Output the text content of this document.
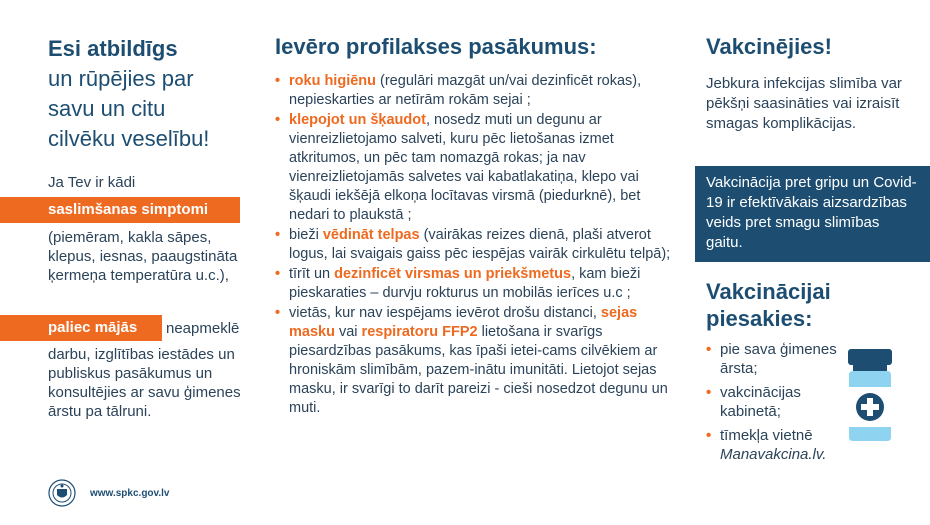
Esi atbildīgs
un rūpējies par
savu un citu
cilvēku veselību!
Ja Tev ir kādi
saslimšanas simptomi
(piemēram, kakla sāpes, klepus, iesnas, paaugstināta ķermeņa temperatūra u.c.),
paliec mājās	neapmeklē
darbu, izglītības iestādes un publiskus pasākumus un konsultējies ar savu ģimenes ārstu pa tālruni.
Ievēro profilakses pasākumus:
• roku higiēnu (regulāri mazgāt un/vai dezinficēt rokas), nepieskarties ar netīrām rokām sejai ;
• klepojot un šķaudot, nosedz muti un degunu ar vienreizlietojamo salveti, kuru pēc lietošanas izmet atkritumos, un pēc tam nomazgā rokas; ja nav vienreizlietojamās salvetes vai kabatlakatiņa, klepo vai šķaudi iekšējā elkoņa locītavas virsmā (piedurknē), bet nedari to plaukstā ;
• bieži vēdināt telpas (vairākas reizes dienā, plaši atverot logus, lai svaigais gaiss pēc iespējas vairāk cirkulētu telpā);
• tīrīt un dezinficēt virsmas un priekšmetus, kam bieži pieskaraties – durvju rokturus un mobilās ierīces u.c ;
• vietās, kur nav iespējams ievērot drošu distanci, sejas masku vai respiratoru FFP2 lietošana ir svarīgs piesardzības pasākums, kas īpaši ietei-cams cilvēkiem ar hroniskām slimībām, pazem-inātu imunitāti. Lietojot sejas masku, ir svarīgi to darīt pareizi - cieši nosedzot degunu un muti.
Vakcinējies!
Jebkura infekcijas slimība var pēkšņi saasināties vai izraisīt smagas komplikācijas.
Vakcinācija pret gripu un Covid-19 ir efektīvākais aizsardzības veids pret smagu slimības gaitu.
Vakcinācijai piesakies:
• pie sava ģimenes ārsta;
• vakcinācijas kabinetā;
• tīmekļa vietnē
Manavakcina.lv.
www.spkc.gov.lv
